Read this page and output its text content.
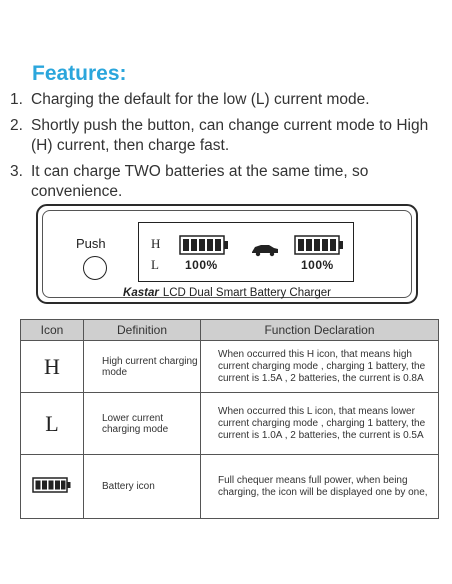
Features:
1. Charging the default for the low (L) current mode.
2. Shortly push the button, can change current mode to High (H) current, then charge fast.
3. It can charge TWO batteries at the same time, so convenience.
Push	H
L 100%	100%
Kastar LCD Dual Smart Battery Charger
Icon	Definition	Function Declaration
H	High current charging mode	When occurred this H icon, that means high current charging mode , charging 1 battery, the current is 1.5A , 2 batteries, the current is 0.8A
L	Lower current charging mode	When occurred this L icon, that means lower current charging mode , charging 1 battery, the current is 1.0A , 2 batteries, the current is 0.5A
	Battery icon	Full chequer means full power, when being charging, the icon will be displayed one by one,
